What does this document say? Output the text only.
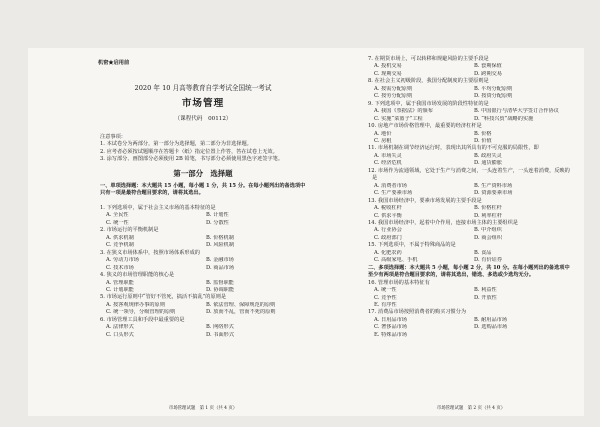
机密★启用前
2020 年 10 月高等教育自学考试全国统一考试
市场管理
（课程代码　00112）
注意事项：
1. 本试卷分为两部分，第一部分为选择题，第二部分为非选择题。
2. 应考者必须按试题顺序在答题卡（纸）指定位置上作答，答在试卷上无效。
3. 涂写部分、画图部分必须使用 2B 铅笔，书写部分必须使用黑色字迹签字笔。
第一部分　选择题
一、单项选择题：本大题共 15 小题，每小题 1 分，共 15 分。在每小题列出的备选项中只有一项是最符合题目要求的，请将其选出。
1. 下列选项中，属于社会主义市场的基本特征的是
A. 全民性	B. 计划性
C. 统一性	D. 分散性
2. 市场运行的平衡机制是
A. 供求机制	B. 价格机制
C. 竞争机制	D. 风险机制
3. 在狭义市场体系中，按照市场体系形成的
A. 劳动力市场	B. 金融市场
C. 技术市场	D. 商品市场
4. 狭义的市场管理职能的核心是
A. 管理职能	B. 监督职能
C. 计划职能	D. 协调职能
5. 市场运行原则中“管好不管死，搞活不搞乱”的原则是
A. 按客观规律办事的原则	B. 依法管理、保障规范的原则
C. 统一领导，分级管理的原则	D. 放而不乱，管而不死的原则
6. 市场管理工具和手段中最重要的是
A. 法律形式	B. 网络形式
C. 口头形式	D. 书面形式
市场管理试题　第 1 页（共 4 页）
7. 在期货市场上，可以转移和规避风险的主要手段是
A. 投机交易	B. 套期保值
C. 现期交易	D. 跨期交易
8. 在社会主义初级阶段，我国分配制度的主要原则是
A. 按需分配原则	B. 平均分配原则
C. 按劳分配原则	D. 按资分配原则
9. 下列选项中，属于我国市场发展的阶段性特征的是
A. 我国《票据法》的颁布	B. 中国银行与清华大学签订合作协议
C. 实施“菜篮子”工程	D. “科技兴贸”战略的实施
10. 房地产市场价格管理中，最重要的经济杠杆是
A. 地价	B. 价格
C. 房租	D. 价值
11. 市场机制在调节经济运行时，表现出其所具有的不可克服的局限性，即
A. 市场失灵	B. 政府失灵
C. 经济危机	D. 通货膨胀
12. 市场作为流通领域，它处于生产与消费之间，一头连着生产，一头连着消费，反映的是
A. 消费者市场	B. 生产资料市场
C. 生产要素市场	D. 资源要素市场
13. 我国市场经济中，要素市场发展的主要手段是
A. 税收杠杆	B. 价格杠杆
C. 供求平衡	D. 利率杠杆
14. 我国市场经济中，起着中介作用，连接市场主体的主要组织是
A. 行业协会	B. 中介组织
C. 政府部门	D. 商会组织
15. 下列选项中，不属于特殊商品的是
A. 化肥农药	B. 食品
C. 高级家电、手机	D. 有价证券
二、多项选择题：本大题共 5 小题，每小题 2 分，共 10 分。在每小题列出的备选项中至少有两项是符合题目要求的，请将其选出，错选、多选或少选均无分。
16. 管理市场的基本特征有
A. 统一性	B. 利益性
C. 竞争性	D. 开放性
E. 有序性
17. 消费品市场按照消费者的购买习惯分为
A. 日用品市场	B. 耐用品市场
C. 奢侈品市场	D. 选购品市场
E. 特殊品市场
市场管理试题　第 2 页（共 4 页）
